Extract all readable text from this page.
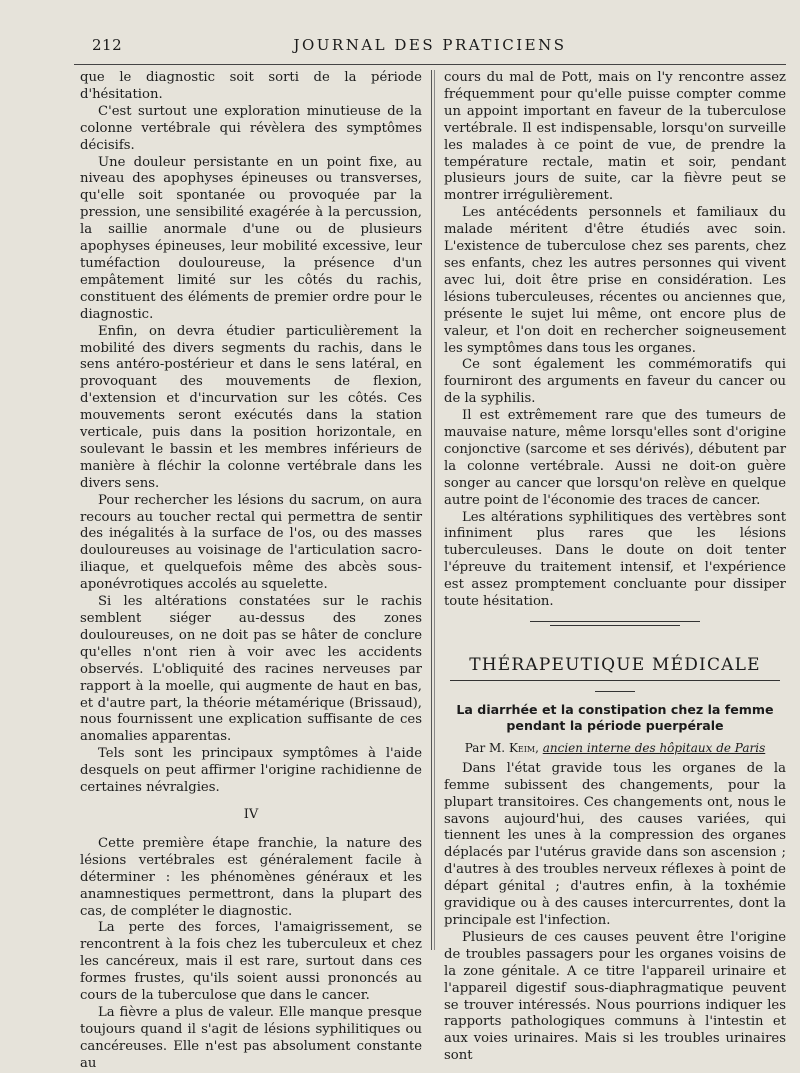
212	JOURNAL DES PRATICIENS

que le diagnostic soit sorti de la période d'hésitation.

C'est surtout une exploration minutieuse de la colonne vertébrale qui révèlera des symptômes décisifs.

Une douleur persistante en un point fixe, au niveau des apophyses épineuses ou transverses, qu'elle soit spontanée ou provoquée par la pression, une sensibilité exagérée à la percussion, la saillie anormale d'une ou de plusieurs apophyses épineuses, leur mobilité excessive, leur tuméfaction douloureuse, la présence d'un empâtement limité sur les côtés du rachis, constituent des éléments de premier ordre pour le diagnostic.

Enfin, on devra étudier particulièrement la mobilité des divers segments du rachis, dans le sens antéro-postérieur et dans le sens latéral, en provoquant des mouvements de flexion, d'extension et d'incurvation sur les côtés. Ces mouvements seront exécutés dans la station verticale, puis dans la position horizontale, en soulevant le bassin et les membres inférieurs de manière à fléchir la colonne vertébrale dans les divers sens.

Pour rechercher les lésions du sacrum, on aura recours au toucher rectal qui permettra de sentir des inégalités à la surface de l'os, ou des masses douloureuses au voisinage de l'articulation sacro-iliaque, et quelquefois même des abcès sous-aponévrotiques accolés au squelette.

Si les altérations constatées sur le rachis semblent siéger au-dessus des zones douloureuses, on ne doit pas se hâter de conclure qu'elles n'ont rien à voir avec les accidents observés. L'obliquité des racines nerveuses par rapport à la moelle, qui augmente de haut en bas, et d'autre part, la théorie métamérique (Brissaud), nous fournissent une explication suffisante de ces anomalies apparentas.

Tels sont les principaux symptômes à l'aide desquels on peut affirmer l'origine rachidienne de certaines névralgies.

IV

Cette première étape franchie, la nature des lésions vertébrales est généralement facile à déterminer : les phénomènes généraux et les anamnestiques permettront, dans la plupart des cas, de compléter le diagnostic.

La perte des forces, l'amaigrissement, se rencontrent à la fois chez les tuberculeux et chez les cancéreux, mais il est rare, surtout dans ces formes frustes, qu'ils soient aussi prononcés au cours de la tuberculose que dans le cancer.

La fièvre a plus de valeur. Elle manque presque toujours quand il s'agit de lésions syphilitiques ou cancéreuses. Elle n'est pas absolument constante au

cours du mal de Pott, mais on l'y rencontre assez fréquemment pour qu'elle puisse compter comme un appoint important en faveur de la tuberculose vertébrale. Il est indispensable, lorsqu'on surveille les malades à ce point de vue, de prendre la température rectale, matin et soir, pendant plusieurs jours de suite, car la fièvre peut se montrer irrégulièrement.

Les antécédents personnels et familiaux du malade méritent d'être étudiés avec soin. L'existence de tuberculose chez ses parents, chez ses enfants, chez les autres personnes qui vivent avec lui, doit être prise en considération. Les lésions tuberculeuses, récentes ou anciennes que, présente le sujet lui même, ont encore plus de valeur, et l'on doit en rechercher soigneusement les symptômes dans tous les organes.

Ce sont également les commémoratifs qui fourniront des arguments en faveur du cancer ou de la syphilis.

Il est extrêmement rare que des tumeurs de mauvaise nature, même lorsqu'elles sont d'origine conjonctive (sarcome et ses dérivés), débutent par la colonne vertébrale. Aussi ne doit-on guère songer au cancer que lorsqu'on relève en quelque autre point de l'économie des traces de cancer.

Les altérations syphilitiques des vertèbres sont infiniment plus rares que les lésions tuberculeuses. Dans le doute on doit tenter l'épreuve du traitement intensif, et l'expérience est assez promptement concluante pour dissiper toute hésitation.

THÉRAPEUTIQUE MÉDICALE
La diarrhée et la constipation chez la femme
pendant la période puerpérale
Par M. Keim, ancien interne des hôpitaux de Paris

Dans l'état gravide tous les organes de la femme subissent des changements, pour la plupart transitoires. Ces changements ont, nous le savons aujourd'hui, des causes variées, qui tiennent les unes à la compression des organes déplacés par l'utérus gravide dans son ascension ; d'autres à des troubles nerveux réflexes à point de départ génital ; d'autres enfin, à la toxhémie gravidique ou à des causes intercurrentes, dont la principale est l'infection.

Plusieurs de ces causes peuvent être l'origine de troubles passagers pour les organes voisins de la zone génitale. A ce titre l'appareil urinaire et l'appareil digestif sous-diaphragmatique peuvent se trouver intéressés. Nous pourrions indiquer les rapports pathologiques communs à l'intestin et aux voies urinaires. Mais si les troubles urinaires sont
